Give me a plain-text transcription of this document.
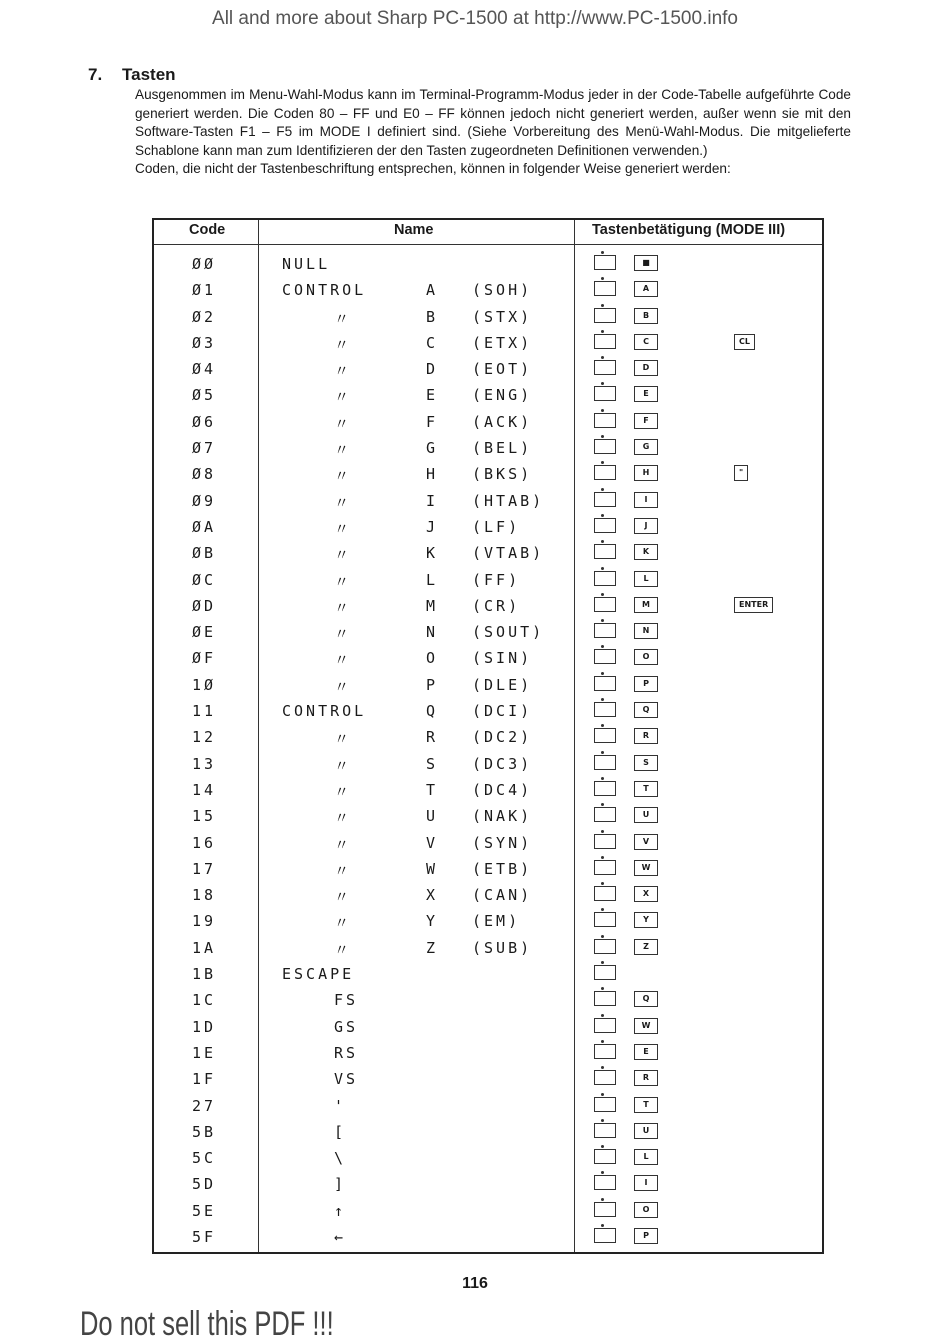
All and more about Sharp PC-1500 at http://www.PC-1500.info
7. Tasten

Ausgenommen im Menu-Wahl-Modus kann im Terminal-Programm-Modus jeder in der Code-Tabelle aufgeführte Code generiert werden. Die Coden 80 – FF und E0 – FF können jedoch nicht generiert werden, außer wenn sie mit den Software-Tasten F1 – F5 im MODE I definiert sind. (Siehe Vorbereitung des Menü-Wahl-Modus. Die mitgelieferte Schablone kann man zum Identifizieren der den Tasten zugeordneten Definitionen verwenden.)

Coden, die nicht der Tastenbeschriftung entsprechen, können in folgender Weise generiert werden:

Code	Name	Tastenbetätigung (MODE III)
ØØ	NULL	■
Ø1	CONTROL	A (SOH)	A
Ø2	〃	B (STX)	B
Ø3	〃	C (ETX)	C	CL
Ø4	〃	D (EOT)	D
Ø5	〃	E (ENG)	E
Ø6	〃	F (ACK)	F
Ø7	〃	G (BEL)	G
Ø8	〃	H (BKS)	H	"
Ø9	〃	I (HTAB)	I
ØA	〃	J (LF)	J
ØB	〃	K (VTAB)	K
ØC	〃	L (FF)	L
ØD	〃	M (CR)	M	ENTER
ØE	〃	N (SOUT)	N
ØF	〃	O (SIN)	O
1Ø	〃	P (DLE)	P
11	CONTROL	Q (DCI)	Q
12	〃	R (DC2)	R
13	〃	S (DC3)	S
14	〃	T (DC4)	T
15	〃	U (NAK)	U
16	〃	V (SYN)	V
17	〃	W (ETB)	W
18	〃	X (CAN)	X
19	〃	Y (EM)	Y
1A	〃	Z (SUB)	Z
1B	ESCAPE
1C	FS	Q
1D	GS	W
1E	RS	E
1F	VS	R
27	'	T
5B	[	U
5C	\	L
5D	]	I
5E	↑	O
5F	←	P
116
Do not sell this PDF !!!
